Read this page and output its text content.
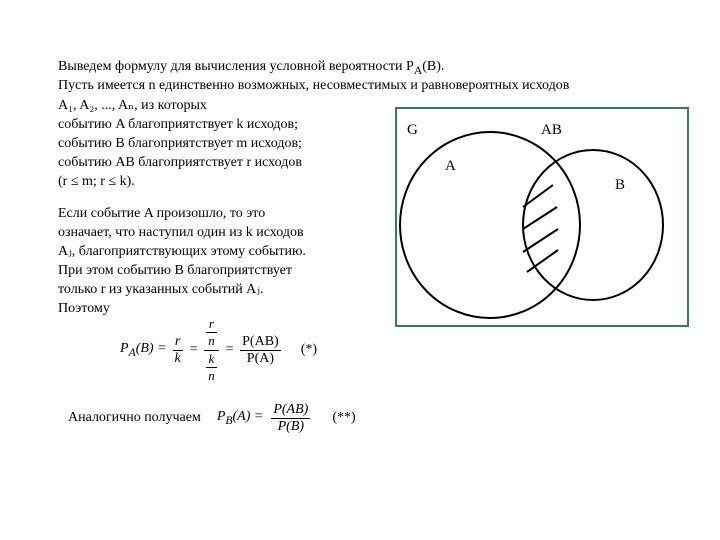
Выведем формулу для вычисления условной вероятности $P_A(B)$.
Пусть имеется n единственно возможных, несовместимых и равновероятных исходов
A₁, A₂, ..., Aₙ, из которых
событию A благоприятствует k исходов;
событию B благоприятствует m исходов;
событию AB благоприятствует r исходов
(r ≤ m; r ≤ k).
Если событие A произошло, то это
означает, что наступил один из k исходов
Aⱼ, благоприятствующих этому событию.
При этом событию B благоприятствует
только r из указанных событий Aⱼ.
Поэтому
$P_A(B) = \frac{r}{k} = \frac{\frac{r}{n}}{\frac{k}{n}} = \frac{P(AB)}{P(A)}$ (*)
Аналогично получаем $P_B(A) = \frac{P(AB)}{P(B)}$ (**)
G	AB
A
B
